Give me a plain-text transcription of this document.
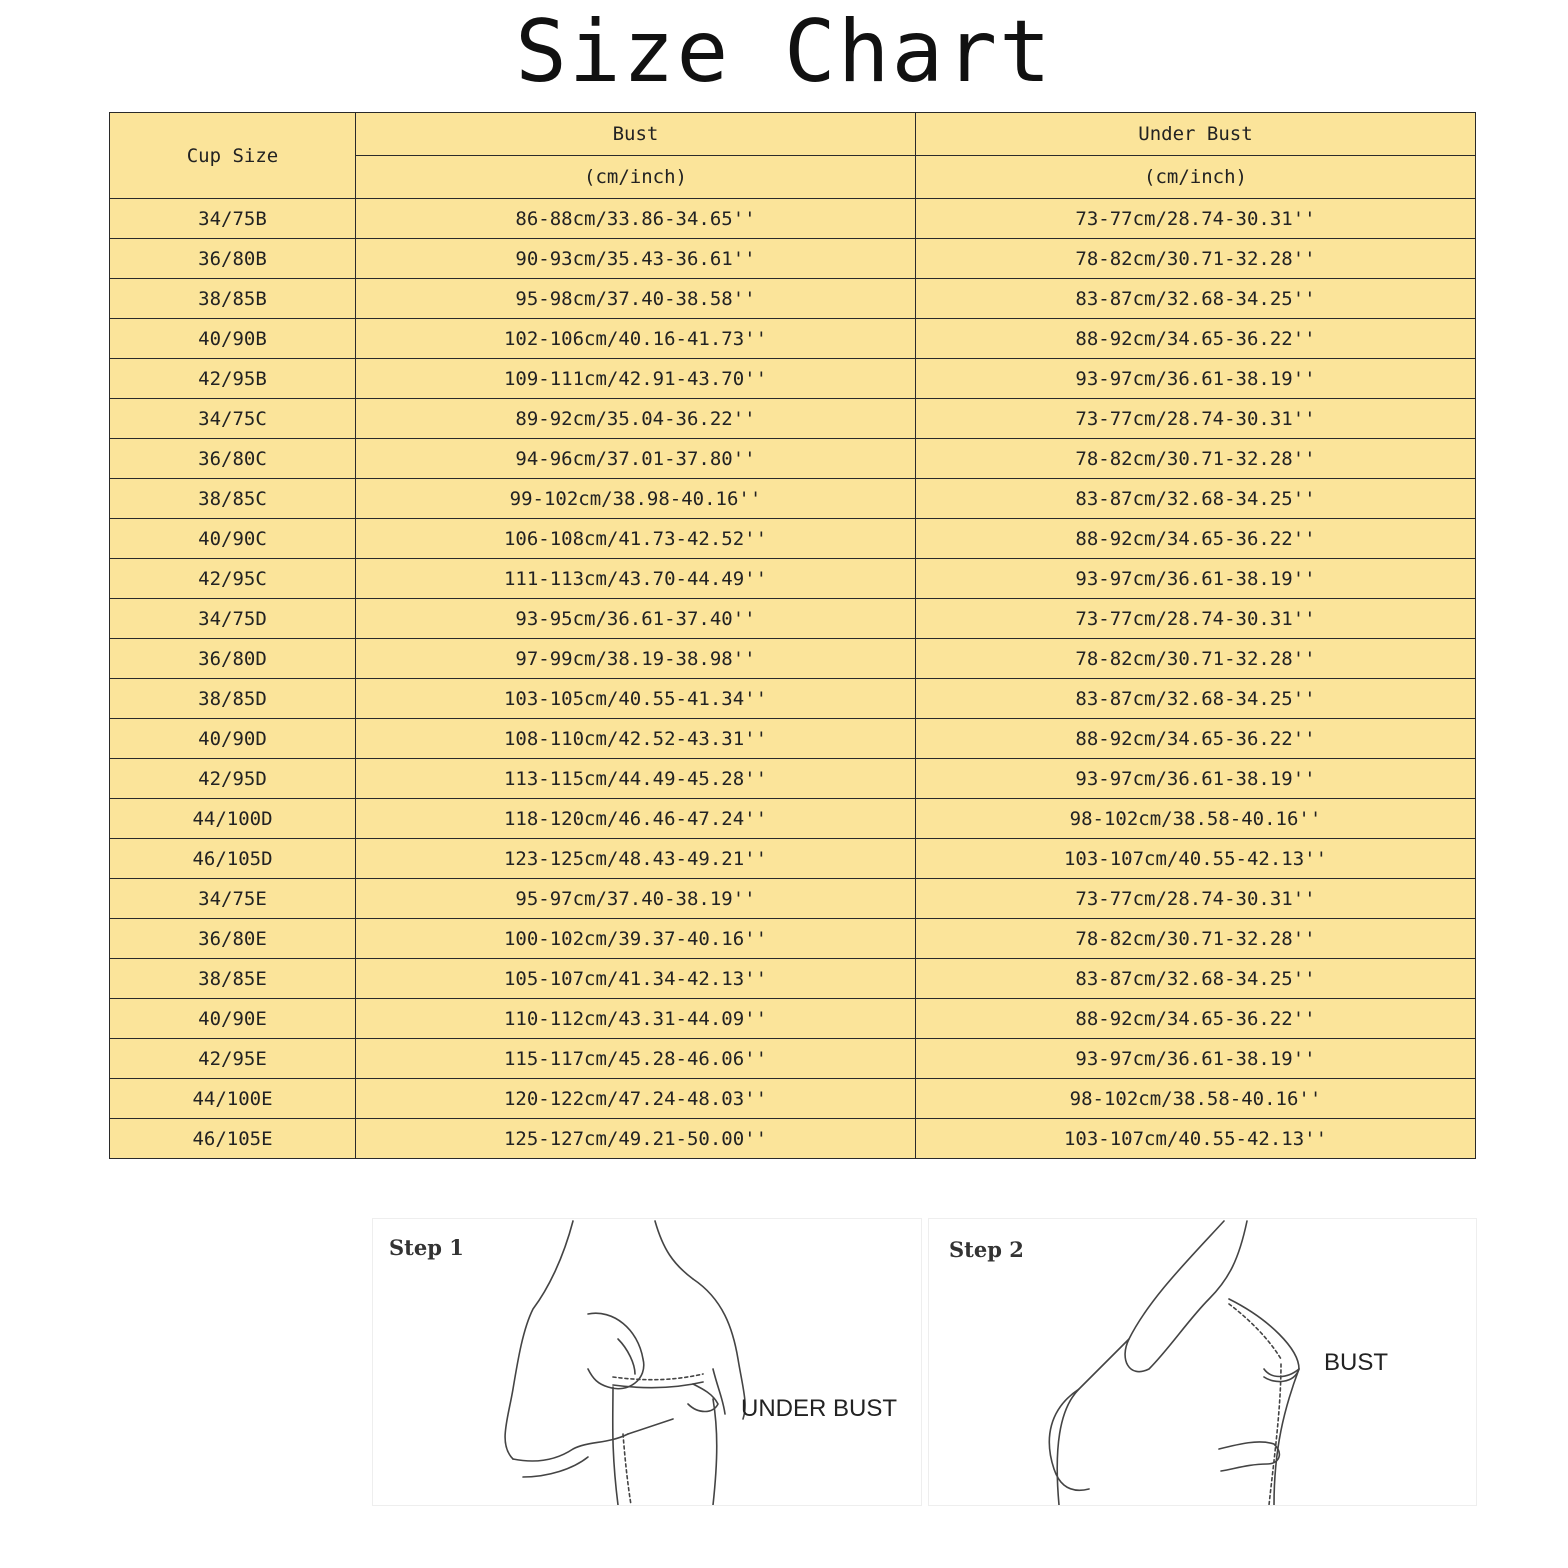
Size Chart
Cup Size	Bust	Under Bust
	(cm/inch)	(cm/inch)
34/75B	86-88cm/33.86-34.65''	73-77cm/28.74-30.31''
36/80B	90-93cm/35.43-36.61''	78-82cm/30.71-32.28''
38/85B	95-98cm/37.40-38.58''	83-87cm/32.68-34.25''
40/90B	102-106cm/40.16-41.73''	88-92cm/34.65-36.22''
42/95B	109-111cm/42.91-43.70''	93-97cm/36.61-38.19''
34/75C	89-92cm/35.04-36.22''	73-77cm/28.74-30.31''
36/80C	94-96cm/37.01-37.80''	78-82cm/30.71-32.28''
38/85C	99-102cm/38.98-40.16''	83-87cm/32.68-34.25''
40/90C	106-108cm/41.73-42.52''	88-92cm/34.65-36.22''
42/95C	111-113cm/43.70-44.49''	93-97cm/36.61-38.19''
34/75D	93-95cm/36.61-37.40''	73-77cm/28.74-30.31''
36/80D	97-99cm/38.19-38.98''	78-82cm/30.71-32.28''
38/85D	103-105cm/40.55-41.34''	83-87cm/32.68-34.25''
40/90D	108-110cm/42.52-43.31''	88-92cm/34.65-36.22''
42/95D	113-115cm/44.49-45.28''	93-97cm/36.61-38.19''
44/100D	118-120cm/46.46-47.24''	98-102cm/38.58-40.16''
46/105D	123-125cm/48.43-49.21''	103-107cm/40.55-42.13''
34/75E	95-97cm/37.40-38.19''	73-77cm/28.74-30.31''
36/80E	100-102cm/39.37-40.16''	78-82cm/30.71-32.28''
38/85E	105-107cm/41.34-42.13''	83-87cm/32.68-34.25''
40/90E	110-112cm/43.31-44.09''	88-92cm/34.65-36.22''
42/95E	115-117cm/45.28-46.06''	93-97cm/36.61-38.19''
44/100E	120-122cm/47.24-48.03''	98-102cm/38.58-40.16''
46/105E	125-127cm/49.21-50.00''	103-107cm/40.55-42.13''
Step 1
UNDER BUST
Step 2
BUST
